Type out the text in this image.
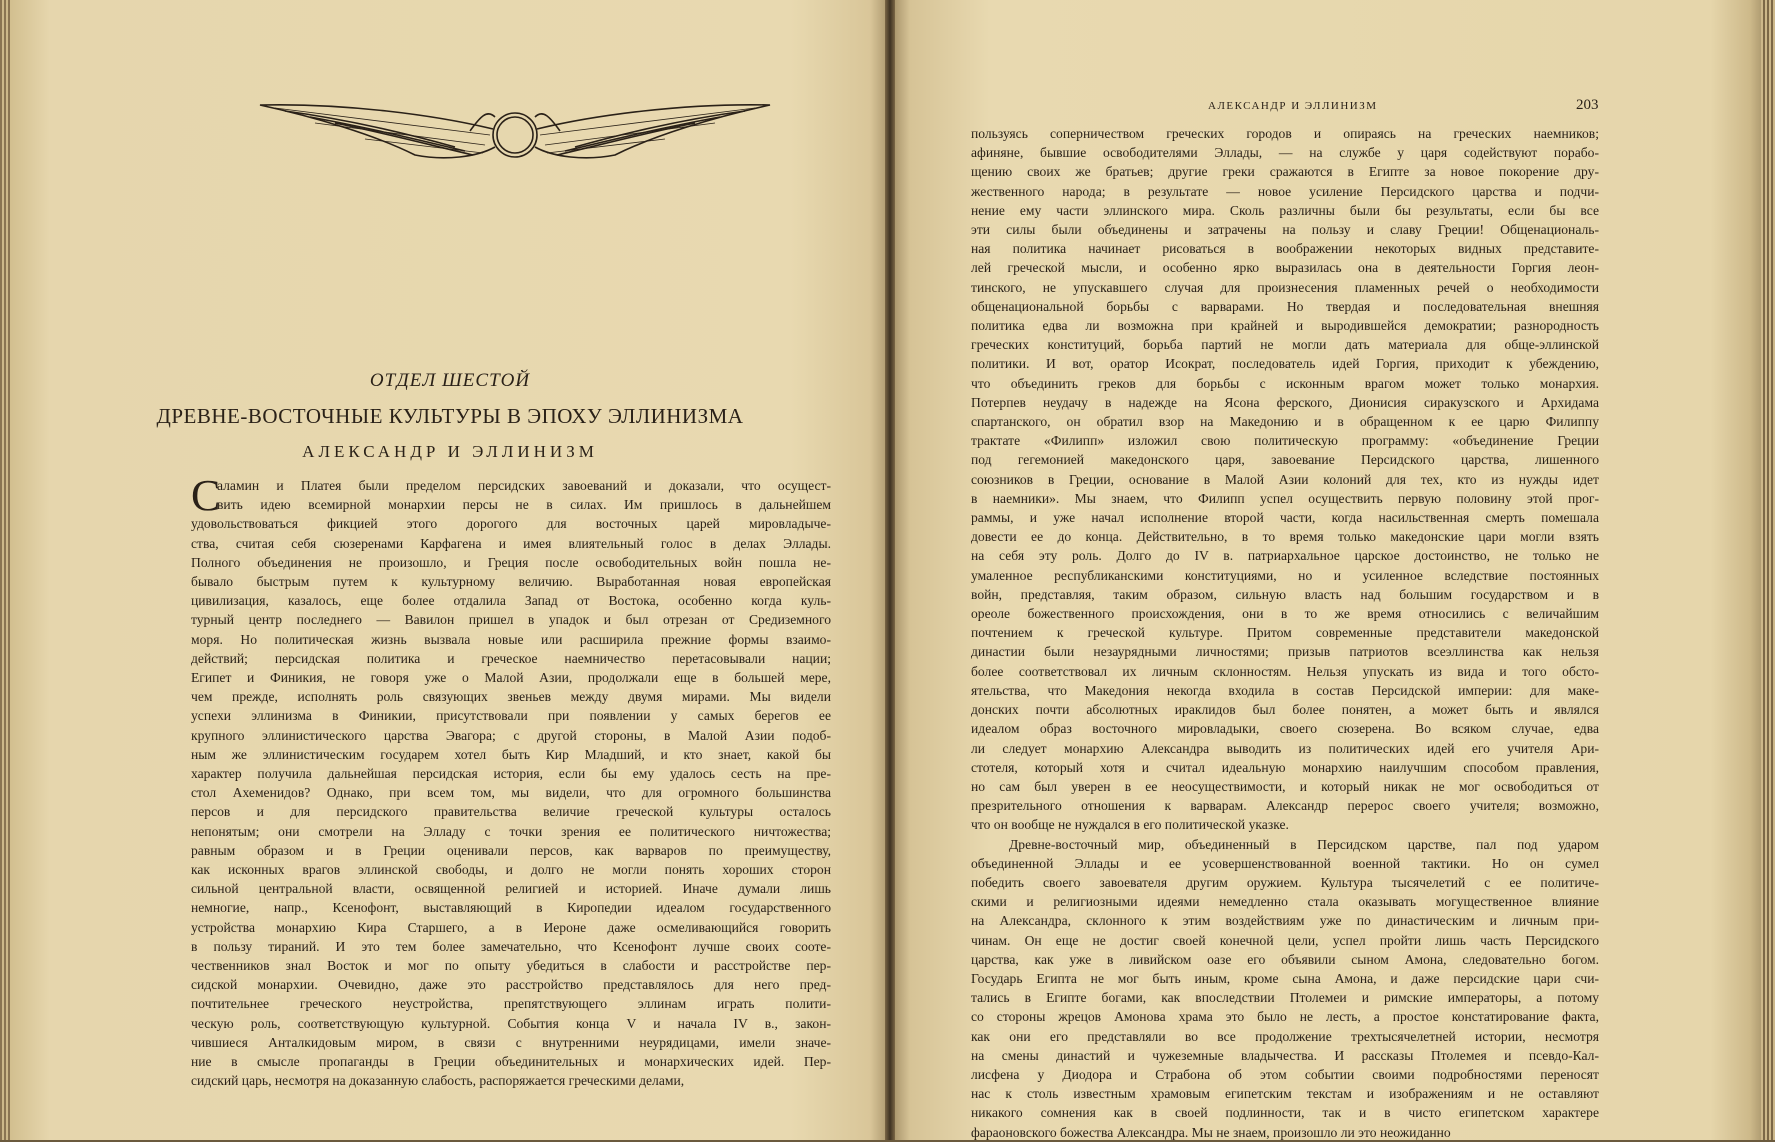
ОТДЕЛ ШЕСТОЙ
ДРЕВНЕ-ВОСТОЧНЫЕ КУЛЬТУРЫ В ЭПОХУ ЭЛЛИНИЗМА
АЛЕКСАНДР И ЭЛЛИНИЗМ
С
аламин и Платея были пределом персидских завоеваний и доказали, что осущест-
вить идею всемирной монархии персы не в силах. Им пришлось в дальнейшем
удовольствоваться фикцией этого дорогого для восточных царей мировладыче-
ства, считая себя сюзеренами Карфагена и имея влиятельный голос в делах Эллады.
Полного объединения не произошло, и Греция после освободительных войн пошла не-
бывало быстрым путем к культурному величию. Выработанная новая европейская
цивилизация, казалось, еще более отдалила Запад от Востока, особенно когда куль-
турный центр последнего — Вавилон пришел в упадок и был отрезан от Средиземного
моря. Но политическая жизнь вызвала новые или расширила прежние формы взаимо-
действий; персидская политика и греческое наемничество перетасовывали нации;
Египет и Финикия, не говоря уже о Малой Азии, продолжали еще в большей мере,
чем прежде, исполнять роль связующих звеньев между двумя мирами. Мы видели
успехи эллинизма в Финикии, присутствовали при появлении у самых берегов ее
крупного эллинистического царства Эвагора; с другой стороны, в Малой Азии подоб-
ным же эллинистическим государем хотел быть Кир Младший, и кто знает, какой бы
характер получила дальнейшая персидская история, если бы ему удалось сесть на пре-
стол Ахеменидов? Однако, при всем том, мы видели, что для огромного большинства
персов и для персидского правительства величие греческой культуры осталось
непонятым; они смотрели на Элладу с точки зрения ее политического ничтожества;
равным образом и в Греции оценивали персов, как варваров по преимуществу,
как исконных врагов эллинской свободы, и долго не могли понять хороших сторон
сильной центральной власти, освященной религией и историей. Иначе думали лишь
немногие, напр., Ксенофонт, выставляющий в Киропедии идеалом государственного
устройства монархию Кира Старшего, а в Иероне даже осмеливающийся говорить
в пользу тираний. И это тем более замечательно, что Ксенофонт лучше своих соотe-
чественников знал Восток и мог по опыту убедиться в слабости и расстройстве пер-
сидской монархии. Очевидно, даже это расстройство представлялось для него пред-
почтительнее греческого неустройства, препятствующего эллинам играть полити-
ческую роль, соответствующую культурной. События конца V и начала IV в., закон-
чившиеся Анталкидовым миром, в связи с внутренними неурядицами, имели значе-
ние в смысле пропаганды в Греции объединительных и монархических идей. Пер-
сидский царь, несмотря на доказанную слабость, распоряжается греческими делами,
АЛЕКСАНДР И ЭЛЛИНИЗМ	203
пользуясь соперничеством греческих городов и опираясь на греческих наемников;
афиняне, бывшие освободителями Эллады, — на службе у царя содействуют порабо-
щению своих же братьев; другие греки сражаются в Египте за новое покорение дру-
жественного народа; в результате — новое усиление Персидского царства и подчи-
нение ему части эллинского мира. Сколь различны были бы результаты, если бы все
эти силы были объединены и затрачены на пользу и славу Греции! Общенациональ-
ная политика начинает рисоваться в воображении некоторых видных представите-
лей греческой мысли, и особенно ярко выразилась она в деятельности Горгия леон-
тинского, не упускавшего случая для произнесения пламенных речей о необходимости
общенациональной борьбы с варварами. Но твердая и последовательная внешняя
политика едва ли возможна при крайней и выродившейся демократии; разнородность
греческих конституций, борьба партий не могли дать материала для обще-эллинской
политики. И вот, оратор Исократ, последователь идей Горгия, приходит к убеждению,
что объединить греков для борьбы с исконным врагом может только монархия.
Потерпев неудачу в надежде на Ясона ферского, Дионисия сиракузского и Архидама
спартанского, он обратил взор на Македонию и в обращенном к ее царю Филиппу
трактате «Филипп» изложил свою политическую программу: «объединение Греции
под гегемонией македонского царя, завоевание Персидского царства, лишенного
союзников в Греции, основание в Малой Азии колоний для тех, кто из нужды идет
в наемники». Мы знаем, что Филипп успел осуществить первую половину этой прог-
раммы, и уже начал исполнение второй части, когда насильственная смерть помешала
довести ее до конца. Действительно, в то время только македонские цари могли взять
на себя эту роль. Долго до IV в. патриархальное царское достоинство, не только не
умаленное республиканскими конституциями, но и усиленное вследствие постоянных
войн, представляя, таким образом, сильную власть над большим государством и в
ореоле божественного происхождения, они в то же время относились с величайшим
почтением к греческой культуре. Притом современные представители македонской
династии были незаурядными личностями; призыв патриотов всеэллинства как нельзя
более соответствовал их личным склонностям. Нельзя упускать из вида и того обсто-
ятельства, что Македония некогда входила в состав Персидской империи: для маке-
донских почти абсолютных ираклидов был более понятен, а может быть и являлся
идеалом образ восточного мировладыки, своего сюзерена. Во всяком случае, едва
ли следует монархию Александра выводить из политических идей его учителя Ари-
стотеля, который хотя и считал идеальную монархию наилучшим способом правления,
но сам был уверен в ее неосуществимости, и который никак не мог освободиться от
презрительного отношения к варварам. Александр перерос своего учителя; возможно,
что он вообще не нуждался в его политической указке.
Древне-восточный мир, объединенный в Персидском царстве, пал под ударом
объединенной Эллады и ее усовершенствованной военной тактики. Но он сумел
победить своего завоевателя другим оружием. Культура тысячелетий с ее политиче-
скими и религиозными идеями немедленно стала оказывать могущественное влияние
на Александра, склонного к этим воздействиям уже по династическим и личным при-
чинам. Он еще не достиг своей конечной цели, успел пройти лишь часть Персидского
царства, как уже в ливийском оазе его объявили сыном Амона, следовательно богом.
Государь Египта не мог быть иным, кроме сына Амона, и даже персидские цари счи-
тались в Египте богами, как впоследствии Птолемеи и римские императоры, а потому
со стороны жрецов Амонова храма это было не лесть, а простое констатирование факта,
как они его представляли во все продолжение трехтысячелетней истории, несмотря
на смены династий и чужеземные владычества. И рассказы Птолемея и псевдо-Кал-
лисфена у Диодора и Страбона об этом событии своими подробностями переносят
нас к столь известным храмовым египетским текстам и изображениям и не оставляют
никакого сомнения как в своей подлинности, так и в чисто египетском характере
фараоновского божества Александра. Мы не знаем, произошло ли это неожиданно
